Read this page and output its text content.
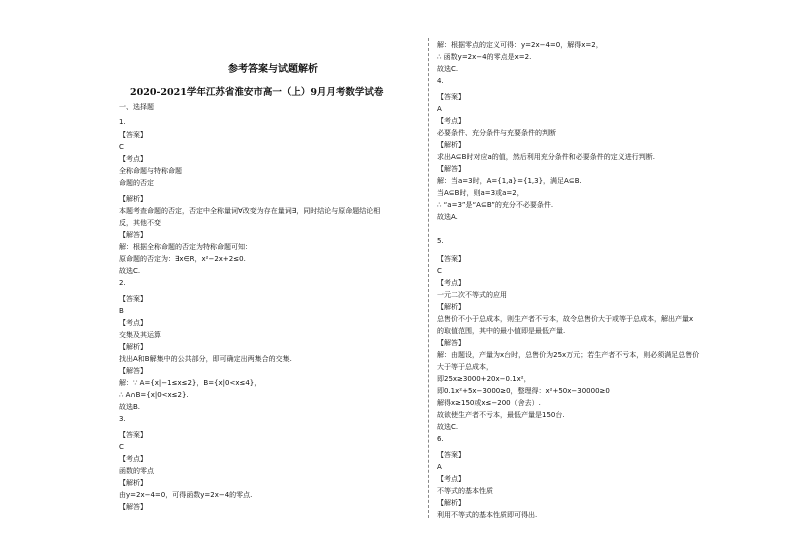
参考答案与试题解析
2020-2021学年江苏省淮安市高一（上）9月月考数学试卷
一、选择题
1.
【答案】
C
【考点】
全称命题与特称命题
命题的否定
【解析】
本题考查命题的否定，否定中全称量词∀改变为存在量词∃，同时结论与原命题结论相
反，其他不变
【解答】
解：根据全称命题的否定为特称命题可知：
原命题的否定为：∃x∈R，x²−2x+2≤0.
故选C.
2.
【答案】
B
【考点】
交集及其运算
【解析】
找出A和B解集中的公共部分，即可确定出两集合的交集.
【解答】
解：∵ A={x|−1≤x≤2}，B={x|0<x≤4}，
∴ A∩B={x|0<x≤2}.
故选B.
3.
【答案】
C
【考点】
函数的零点
【解析】
由y=2x−4=0，可得函数y=2x−4的零点.
【解答】
解：根据零点的定义可得：y=2x−4=0，解得x=2，
∴ 函数y=2x−4的零点是x=2.
故选C.
4.
【答案】
A
【考点】
必要条件、充分条件与充要条件的判断
【解析】
求出A⊆B时对应a的值，然后利用充分条件和必要条件的定义进行判断.
【解答】
解：当a=3时，A={1,a}={1,3}，满足A⊆B.
当A⊆B时，则a=3或a=2，
∴ “a=3”是“A⊆B”的充分不必要条件.
故选A.
5.
【答案】
C
【考点】
一元二次不等式的应用
【解析】
总售价不小于总成本，则生产者不亏本，故令总售价大于或等于总成本，解出产量x
的取值范围，其中的最小值即是最低产量.
【解答】
解：由题设，产量为x台时，总售价为25x万元；若生产者不亏本，则必须满足总售价
大于等于总成本，
即25x≥3000+20x−0.1x²，
即0.1x²+5x−3000≥0，整理得：x²+50x−30000≥0
解得x≥150或x≤−200（舍去）.
故欲使生产者不亏本，最低产量是150台.
故选C.
6.
【答案】
A
【考点】
不等式的基本性质
【解析】
利用不等式的基本性质即可得出.
